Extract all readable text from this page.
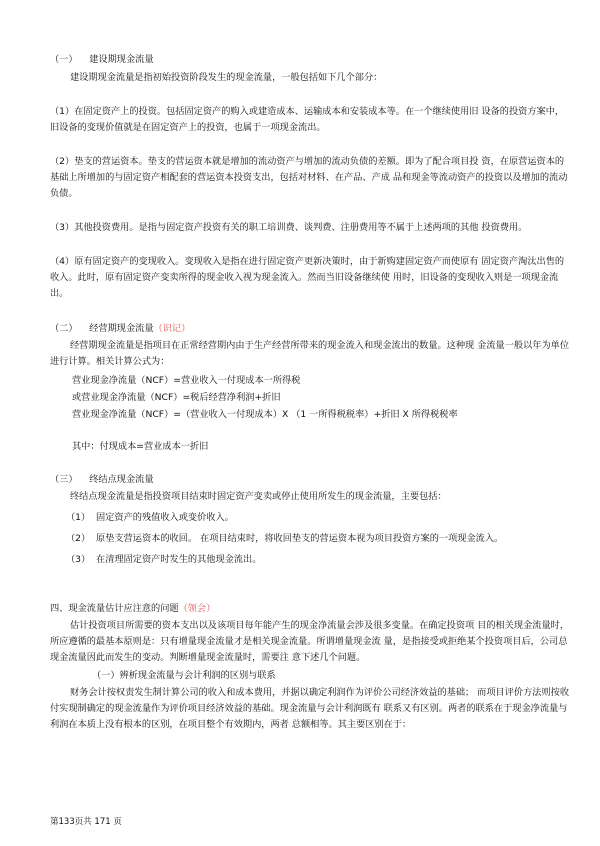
（一）    建设期现金流量

建设期现金流量是指初始投资阶段发生的现金流量，一般包括如下几个部分：

（1）在固定资产上的投资。包括固定资产的购入或建造成本、运输成本和安装成本等。在一个继续使用旧 设备的投资方案中，旧设备的变现价值就是在固定资产上的投资，也属于一项现金流出。

（2）垫支的营运资本。垫支的营运资本就是增加的流动资产与增加的流动负债的差额。即为了配合项目投 资，在原营运资本的基础上所增加的与固定资产相配套的营运资本投资支出，包括对材料、在产品、产成 品和现金等流动资产的投资以及增加的流动负债。

（3）其他投资费用。是指与固定资产投资有关的职工培训费、谈判费、注册费用等不属于上述两项的其他 投资费用。

（4）原有固定资产的变现收入。变现收入是指在进行固定资产更新决策时，由于新购建固定资产而使原有 固定资产淘汰出售的收入。此时，原有固定资产变卖所得的现金收入视为现金流入。然而当旧设备继续使 用时，旧设备的变现收入则是一项现金流出。

（二）    经营期现金流量（识记）

经营期现金流量是指项目在正常经营期内由于生产经营所带来的现金流入和现金流出的数量。这种现 金流量一般以年为单位进行计算。相关计算公式为：

营业现金净流量（NCF）=营业收入一付现成本一所得税
或营业现金净流量（NCF）=税后经营净利润+折旧
营业现金净流量（NCF）=（营业收入一付现成本）X （1 一所得税税率）+折旧 X 所得税税率
其中：付现成本=营业成本一折旧
（三）    终结点现金流量

终结点现金流量是指投资项目结束时固定资产变卖或停止使用所发生的现金流量，主要包括：

（1）  固定资产的残值收入或变价收入。
（2）  原垫支营运资本的收回。 在项目结束时，将收回垫支的营运资本视为项目投资方案的一项现金流入。
（3）  在清理固定资产时发生的其他现金流出。
四、现金流量估计应注意的问题（领会）

估计投资项目所需要的资本支出以及该项目每年能产生的现金净流量会涉及很多变量。在确定投资项 目的相关现金流量时，所应遵循的最基本原则是：只有增量现金流量才是相关现金流量。所谓增量现金流 量，是指接受或拒绝某个投资项目后，公司总现金流量因此而发生的变动。判断增量现金流量时，需要注 意下述几个问题。

（一）辨析现金流量与会计利润的区别与联系

财务会计按权责发生制计算公司的收入和成本费用，并据以确定利润作为评价公司经济效益的基础； 而项目评价方法则按收付实现制确定的现金流量作为评价项目经济效益的基础。现金流量与会计利润既有 联系又有区别。两者的联系在于现金净流量与利润在本质上没有根本的区别，在项目整个有效期内，两者 总额相等。其主要区别在于：

第133页共 171 页
